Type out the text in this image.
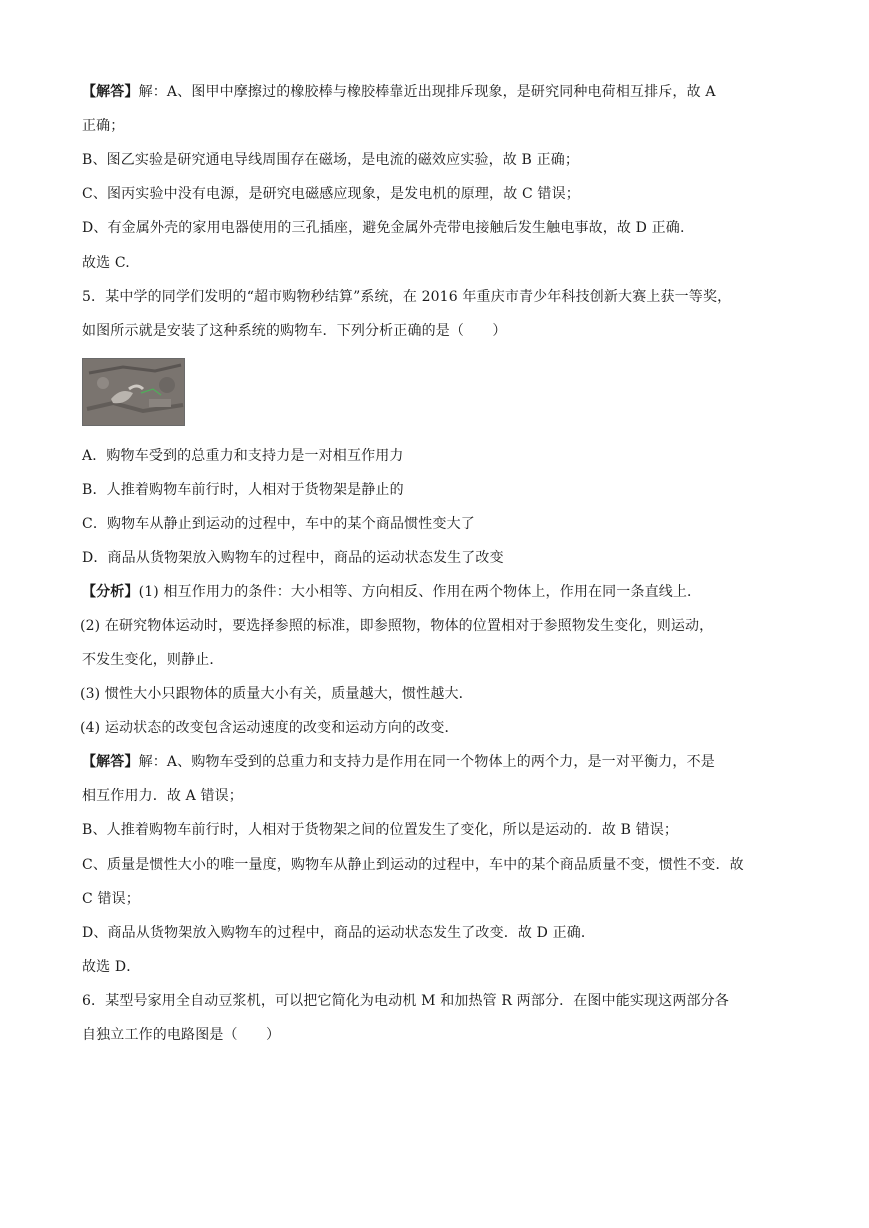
【解答】解：A、图甲中摩擦过的橡胶棒与橡胶棒靠近出现排斥现象，是研究同种电荷相互排斥，故 A
正确；
B、图乙实验是研究通电导线周围存在磁场，是电流的磁效应实验，故 B 正确；
C、图丙实验中没有电源，是研究电磁感应现象，是发电机的原理，故 C 错误；
D、有金属外壳的家用电器使用的三孔插座，避免金属外壳带电接触后发生触电事故，故 D 正确.
故选 C.
5．某中学的同学们发明的“超市购物秒结算”系统，在 2016 年重庆市青少年科技创新大赛上获一等奖，
如图所示就是安装了这种系统的购物车．下列分析正确的是（　　）
A．购物车受到的总重力和支持力是一对相互作用力
B．人推着购物车前行时，人相对于货物架是静止的
C．购物车从静止到运动的过程中，车中的某个商品惯性变大了
D．商品从货物架放入购物车的过程中，商品的运动状态发生了改变
【分析】(1) 相互作用力的条件：大小相等、方向相反、作用在两个物体上，作用在同一条直线上．
(2) 在研究物体运动时，要选择参照的标准，即参照物，物体的位置相对于参照物发生变化，则运动，
不发生变化，则静止．
(3) 惯性大小只跟物体的质量大小有关，质量越大，惯性越大．
(4) 运动状态的改变包含运动速度的改变和运动方向的改变．
【解答】解：A、购物车受到的总重力和支持力是作用在同一个物体上的两个力，是一对平衡力，不是
相互作用力．故 A 错误；
B、人推着购物车前行时，人相对于货物架之间的位置发生了变化，所以是运动的．故 B 错误；
C、质量是惯性大小的唯一量度，购物车从静止到运动的过程中，车中的某个商品质量不变，惯性不变．故
C 错误；
D、商品从货物架放入购物车的过程中，商品的运动状态发生了改变．故 D 正确．
故选 D．
6．某型号家用全自动豆浆机，可以把它简化为电动机 M 和加热管 R 两部分．在图中能实现这两部分各
自独立工作的电路图是（　　）
